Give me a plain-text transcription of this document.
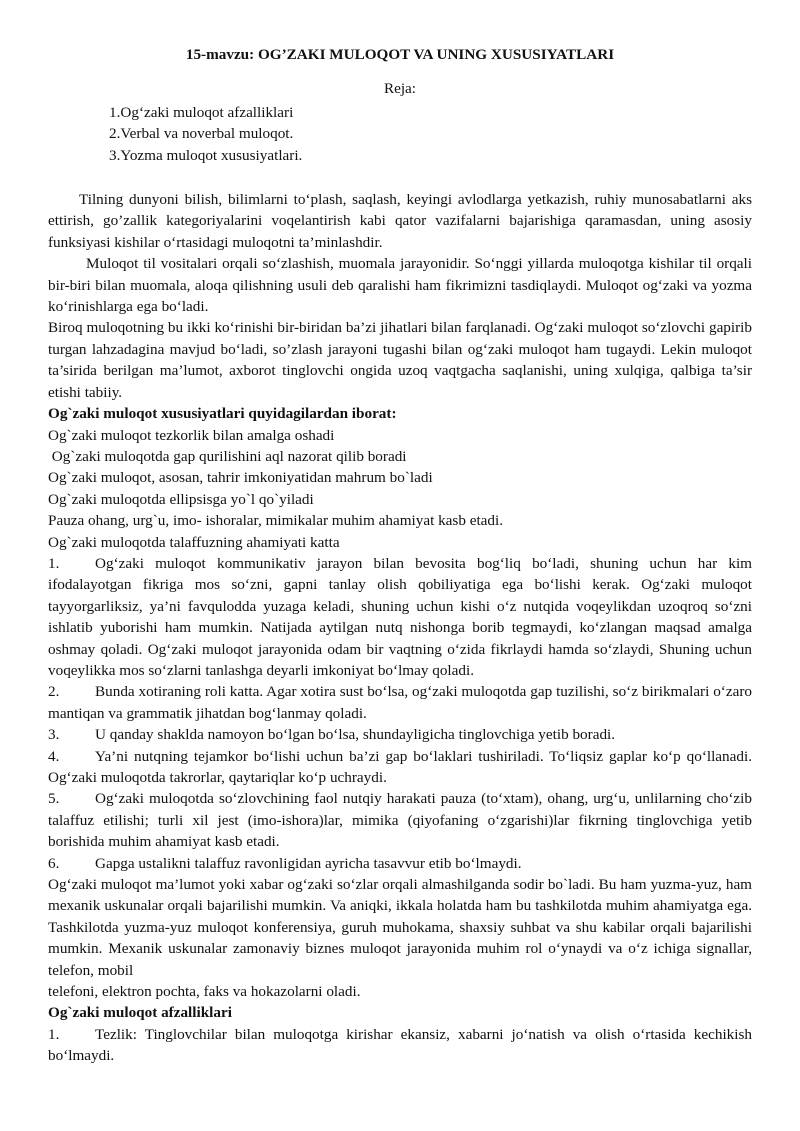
15-mavzu: OG’ZAKI MULOQOT VA UNING XUSUSIYATLARI
Reja:
1.Og‘zaki muloqot afzalliklari
2.Verbal va noverbal muloqot.
3.Yozma muloqot xususiyatlari.

Tilning dunyoni bilish, bilimlarni to‘plash, saqlash, keyingi avlodlarga yetkazish, ruhiy munosabatlarni aks ettirish, go’zallik kategoriyalarini voqelantirish kabi qator vazifalarni bajarishiga qaramasdan, uning asosiy funksiyasi kishilar o‘rtasidagi muloqotni ta’minlashdir.

Muloqot til vositalari orqali so‘zlashish, muomala jarayonidir. So‘nggi yillarda muloqotga kishilar til orqali bir-biri bilan muomala, aloqa qilishning usuli deb qaralishi ham fikrimizni tasdiqlaydi. Muloqot og‘zaki va yozma ko‘rinishlarga ega bo‘ladi.

Biroq muloqotning bu ikki ko‘rinishi bir-biridan ba’zi jihatlari bilan farqlanadi. Og‘zaki muloqot so‘zlovchi gapirib turgan lahzadagina mavjud bo‘ladi, so’zlash jarayoni tugashi bilan og‘zaki muloqot ham tugaydi. Lekin muloqot ta’sirida berilgan ma’lumot, axborot tinglovchi ongida uzoq vaqtgacha saqlanishi, uning xulqiga, qalbiga ta’sir etishi tabiiy.

Og`zaki muloqot xususiyatlari quyidagilardan iborat:

Og`zaki muloqot tezkorlik bilan amalga oshadi
Og`zaki muloqotda gap qurilishini aql nazorat qilib boradi
Og`zaki muloqot, asosan, tahrir imkoniyatidan mahrum bo`ladi
Og`zaki muloqotda ellipsisga yo`l qo`yiladi
Pauza ohang, urg`u, imo- ishoralar, mimikalar muhim ahamiyat kasb etadi.
Og`zaki muloqotda talaffuzning ahamiyati katta

1. Og‘zaki muloqot kommunikativ jarayon bilan bevosita bog‘liq bo‘ladi, shuning uchun har kim ifodalayotgan fikriga mos so‘zni, gapni tanlay olish qobiliyatiga ega bo‘lishi kerak. Og‘zaki muloqot tayyorgarliksiz, ya’ni favqulodda yuzaga keladi, shuning uchun kishi o‘z nutqida voqeylikdan uzoqroq so‘zni ishlatib yuborishi ham mumkin. Natijada aytilgan nutq nishonga borib tegmaydi, ko‘zlangan maqsad amalga oshmay qoladi. Og‘zaki muloqot jarayonida odam bir vaqtning o‘zida fikrlaydi hamda so‘zlaydi, Shuning uchun voqeylikka mos so‘zlarni tanlashga deyarli imkoniyat bo‘lmay qoladi.

2. Bunda xotiraning roli katta. Agar xotira sust bo‘lsa, og‘zaki muloqotda gap tuzilishi, so‘z birikmalari o‘zaro mantiqan va grammatik jihatdan bog‘lanmay qoladi.

3. U qanday shaklda namoyon bo‘lgan bo‘lsa, shundayligicha tinglovchiga yetib boradi.

4. Ya’ni nutqning tejamkor bo‘lishi uchun ba’zi gap bo‘laklari tushiriladi. To‘liqsiz gaplar ko‘p qo‘llanadi. Og‘zaki muloqotda takrorlar, qaytariqlar ko‘p uchraydi.

5. Og‘zaki muloqotda so‘zlovchining faol nutqiy harakati pauza (to‘xtam), ohang, urg‘u, unlilarning cho‘zib talaffuz etilishi; turli xil jest (imo-ishora)lar, mimika (qiyofaning o‘zgarishi)lar fikrning tinglovchiga yetib borishida muhim ahamiyat kasb etadi.

6. Gapga ustalikni talaffuz ravonligidan ayricha tasavvur etib bo‘lmaydi.

Og‘zaki muloqot ma’lumot yoki xabar og‘zaki so‘zlar orqali almashilganda sodir bo`ladi. Bu ham yuzma-yuz, ham mexanik uskunalar orqali bajarilishi mumkin. Va aniqki, ikkala holatda ham bu tashkilotda muhim ahamiyatga ega. Tashkilotda yuzma-yuz muloqot konferensiya, guruh muhokama, shaxsiy suhbat va shu kabilar orqali bajarilishi mumkin. Mexanik uskunalar zamonaviy biznes muloqot jarayonida muhim rol o‘ynaydi va o‘z ichiga signallar, telefon, mobil

telefoni, elektron pochta, faks va hokazolarni oladi.

Og`zaki muloqot afzalliklari

1. Tezlik: Tinglovchilar bilan muloqotga kirishar ekansiz, xabarni jo‘natish va olish o‘rtasida kechikish bo‘lmaydi.
